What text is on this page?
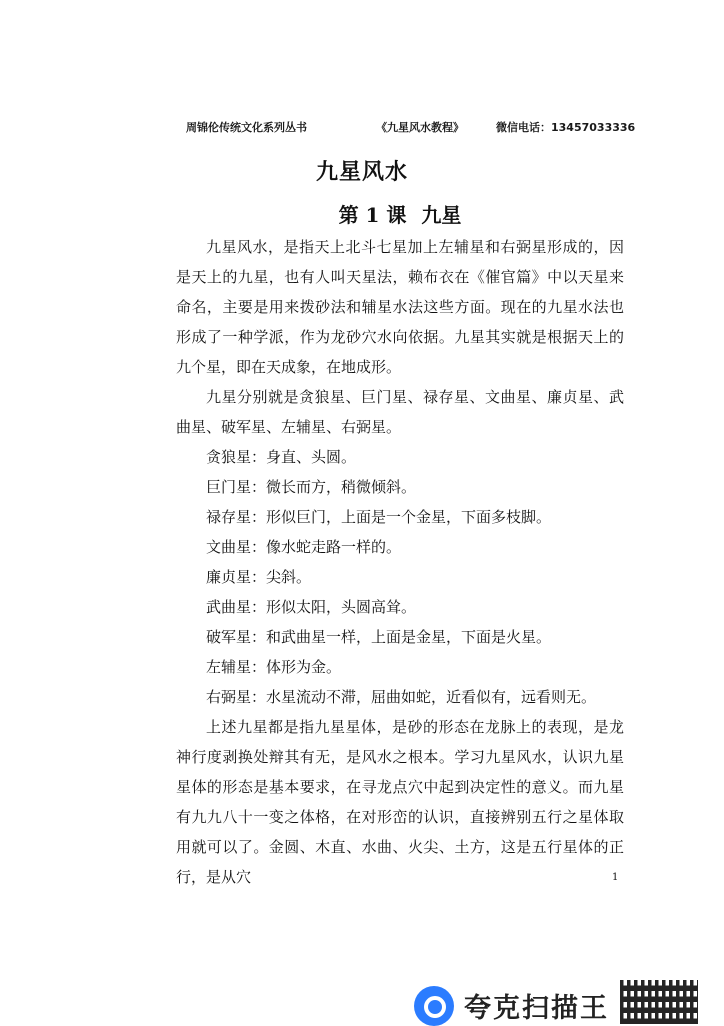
周锦伦传统文化系列丛书	《九星风水教程》	微信电话：13457033336
九星风水
第 1 课 九星

九星风水，是指天上北斗七星加上左辅星和右弼星形成的，因是天上的九星，也有人叫天星法，赖布衣在《催官篇》中以天星来命名，主要是用来拨砂法和辅星水法这些方面。现在的九星水法也形成了一种学派，作为龙砂穴水向依据。九星其实就是根据天上的九个星，即在天成象，在地成形。

九星分别就是贪狼星、巨门星、禄存星、文曲星、廉贞星、武曲星、破军星、左辅星、右弼星。

贪狼星：身直、头圆。

巨门星：微长而方，稍微倾斜。

禄存星：形似巨门，上面是一个金星，下面多枝脚。

文曲星：像水蛇走路一样的。

廉贞星：尖斜。

武曲星：形似太阳，头圆高耸。

破军星：和武曲星一样，上面是金星，下面是火星。

左辅星：体形为金。

右弼星：水星流动不滞，屈曲如蛇，近看似有，远看则无。

上述九星都是指九星星体，是砂的形态在龙脉上的表现，是龙神行度剥换处辩其有无，是风水之根本。学习九星风水，认识九星星体的形态是基本要求，在寻龙点穴中起到决定性的意义。而九星有九九八十一变之体格，在对形峦的认识，直接辨别五行之星体取用就可以了。金圆、木直、水曲、火尖、土方，这是五行星体的正行，是从穴	1
夸克扫描王
